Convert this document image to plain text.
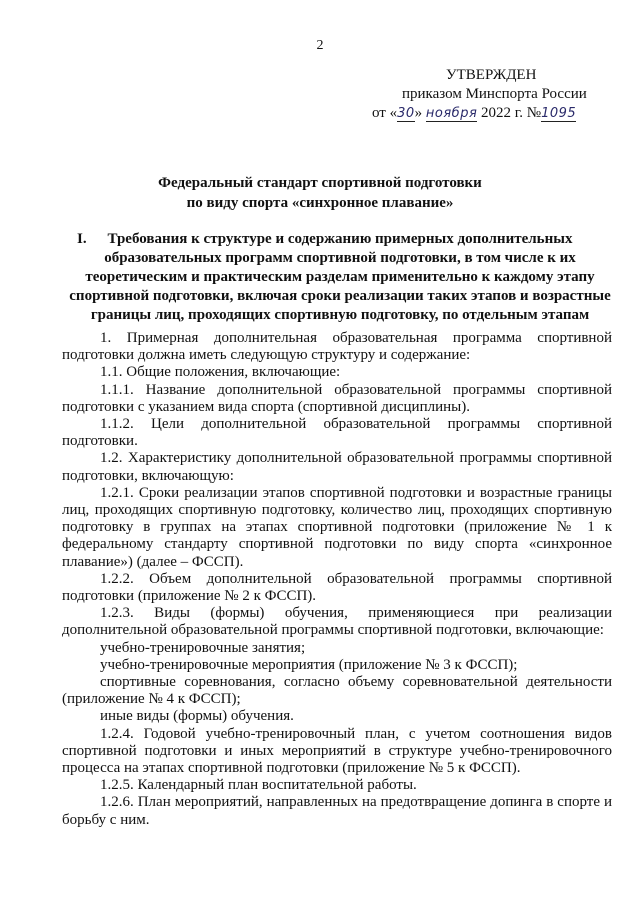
2
УТВЕРЖДЕН
приказом Минспорта России
от «30» ноября 2022 г. №1095
Федеральный стандарт спортивной подготовки
по виду спорта «синхронное плавание»
I.	Требования к структуре и содержанию примерных дополнительных
образовательных программ спортивной подготовки, в том числе к их
теоретическим и практическим разделам применительно к каждому этапу
спортивной подготовки, включая сроки реализации таких этапов и возрастные
границы лиц, проходящих спортивную подготовку, по отдельным этапам

1. Примерная дополнительная образовательная программа спортивной подготовки должна иметь следующую структуру и содержание:

1.1. Общие положения, включающие:

1.1.1. Название дополнительной образовательной программы спортивной подготовки с указанием вида спорта (спортивной дисциплины).

1.1.2. Цели дополнительной образовательной программы спортивной подготовки.

1.2. Характеристику дополнительной образовательной программы спортивной подготовки, включающую:

1.2.1. Сроки реализации этапов спортивной подготовки и возрастные границы лиц, проходящих спортивную подготовку, количество лиц, проходящих спортивную подготовку в группах на этапах спортивной подготовки (приложение № 1 к федеральному стандарту спортивной подготовки по виду спорта «синхронное плавание») (далее – ФССП).

1.2.2. Объем дополнительной образовательной программы спортивной подготовки (приложение № 2 к ФССП).

1.2.3. Виды (формы) обучения, применяющиеся при реализации дополнительной образовательной программы спортивной подготовки, включающие:

учебно-тренировочные занятия;

учебно-тренировочные мероприятия (приложение № 3 к ФССП);

спортивные соревнования, согласно объему соревновательной деятельности (приложение № 4 к ФССП);

иные виды (формы) обучения.

1.2.4. Годовой учебно-тренировочный план, с учетом соотношения видов спортивной подготовки и иных мероприятий в структуре учебно-тренировочного процесса на этапах спортивной подготовки (приложение № 5 к ФССП).

1.2.5. Календарный план воспитательной работы.

1.2.6. План мероприятий, направленных на предотвращение допинга в спорте и борьбу с ним.
